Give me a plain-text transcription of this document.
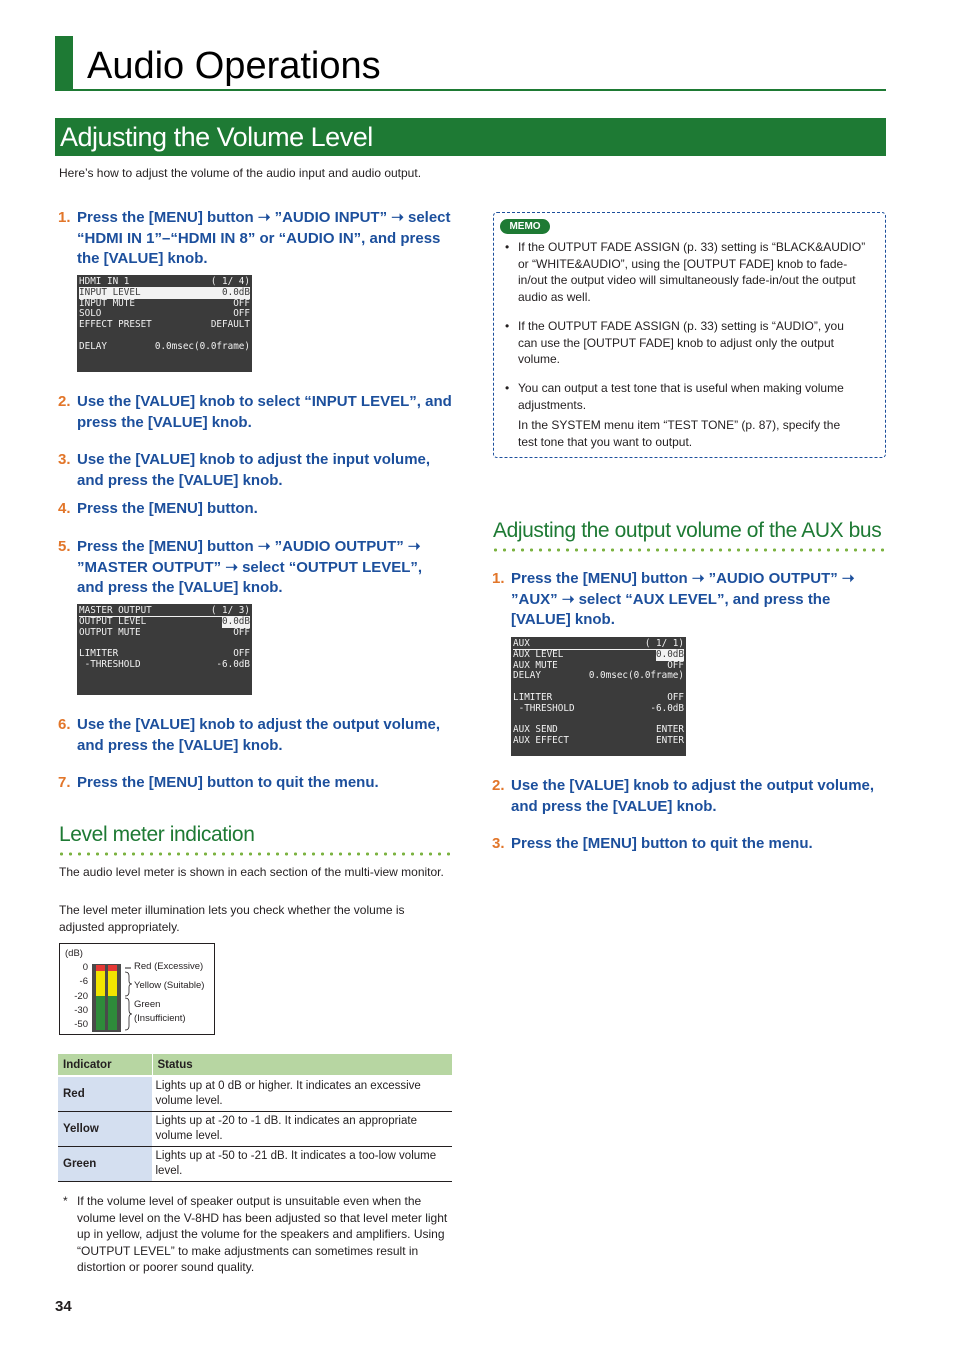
Audio Operations
Adjusting the Volume Level
Here’s how to adjust the volume of the audio input and audio output.
1. Press the [MENU] button ➝ ”AUDIO INPUT” ➝ select “HDMI IN 1”–“HDMI IN 8” or “AUDIO IN”, and press the [VALUE] knob.
HDMI IN 1	( 1/ 4)
INPUT LEVEL	0.0dB
INPUT MUTE	OFF
SOLO	OFF
EFFECT PRESET	DEFAULT
DELAY	0.0msec(0.0frame)
2. Use the [VALUE] knob to select “INPUT LEVEL”, and press the [VALUE] knob.
3. Use the [VALUE] knob to adjust the input volume, and press the [VALUE] knob.
4. Press the [MENU] button.
5. Press the [MENU] button ➝ ”AUDIO OUTPUT” ➝ ”MASTER OUTPUT” ➝ select “OUTPUT LEVEL”, and press the [VALUE] knob.
MASTER OUTPUT	( 1/ 3)
OUTPUT LEVEL	0.0dB
OUTPUT MUTE	OFF
LIMITER	OFF
-THRESHOLD	-6.0dB
6. Use the [VALUE] knob to adjust the output volume, and press the [VALUE] knob.
7. Press the [MENU] button to quit the menu.
Level meter indication
The audio level meter is shown in each section of the multi-view monitor.
The level meter illumination lets you check whether the volume is adjusted appropriately.
(dB)
0
-6
-20
-30
-50
Red (Excessive)
Yellow (Suitable)
Green
(Insufficient)
Indicator	Status
Red	Lights up at 0 dB or higher. It indicates an excessive volume level.
Yellow	Lights up at -20 to -1 dB. It indicates an appropriate volume level.
Green	Lights up at -50 to -21 dB. It indicates a too-low volume level.
* If the volume level of speaker output is unsuitable even when the volume level on the V-8HD has been adjusted so that level meter light up in yellow, adjust the volume for the speakers and amplifiers. Using “OUTPUT LEVEL” to make adjustments can sometimes result in distortion or poorer sound quality.
MEMO
• If the OUTPUT FADE ASSIGN (p. 33) setting is “BLACK&AUDIO” or “WHITE&AUDIO”, using the [OUTPUT FADE] knob to fade-in/out the output video will simultaneously fade-in/out the output audio as well.
• If the OUTPUT FADE ASSIGN (p. 33) setting is “AUDIO”, you can use the [OUTPUT FADE] knob to adjust only the output volume.
• You can output a test tone that is useful when making volume adjustments.
In the SYSTEM menu item “TEST TONE” (p. 87), specify the test tone that you want to output.
Adjusting the output volume of the AUX bus
1. Press the [MENU] button ➝ ”AUDIO OUTPUT” ➝ ”AUX” ➝ select “AUX LEVEL”, and press the [VALUE] knob.
AUX	( 1/ 1)
AUX LEVEL	0.0dB
AUX MUTE	OFF
DELAY	0.0msec(0.0frame)
LIMITER	OFF
-THRESHOLD	-6.0dB
AUX SEND	ENTER
AUX EFFECT	ENTER
2. Use the [VALUE] knob to adjust the output volume, and press the [VALUE] knob.
3. Press the [MENU] button to quit the menu.
34
